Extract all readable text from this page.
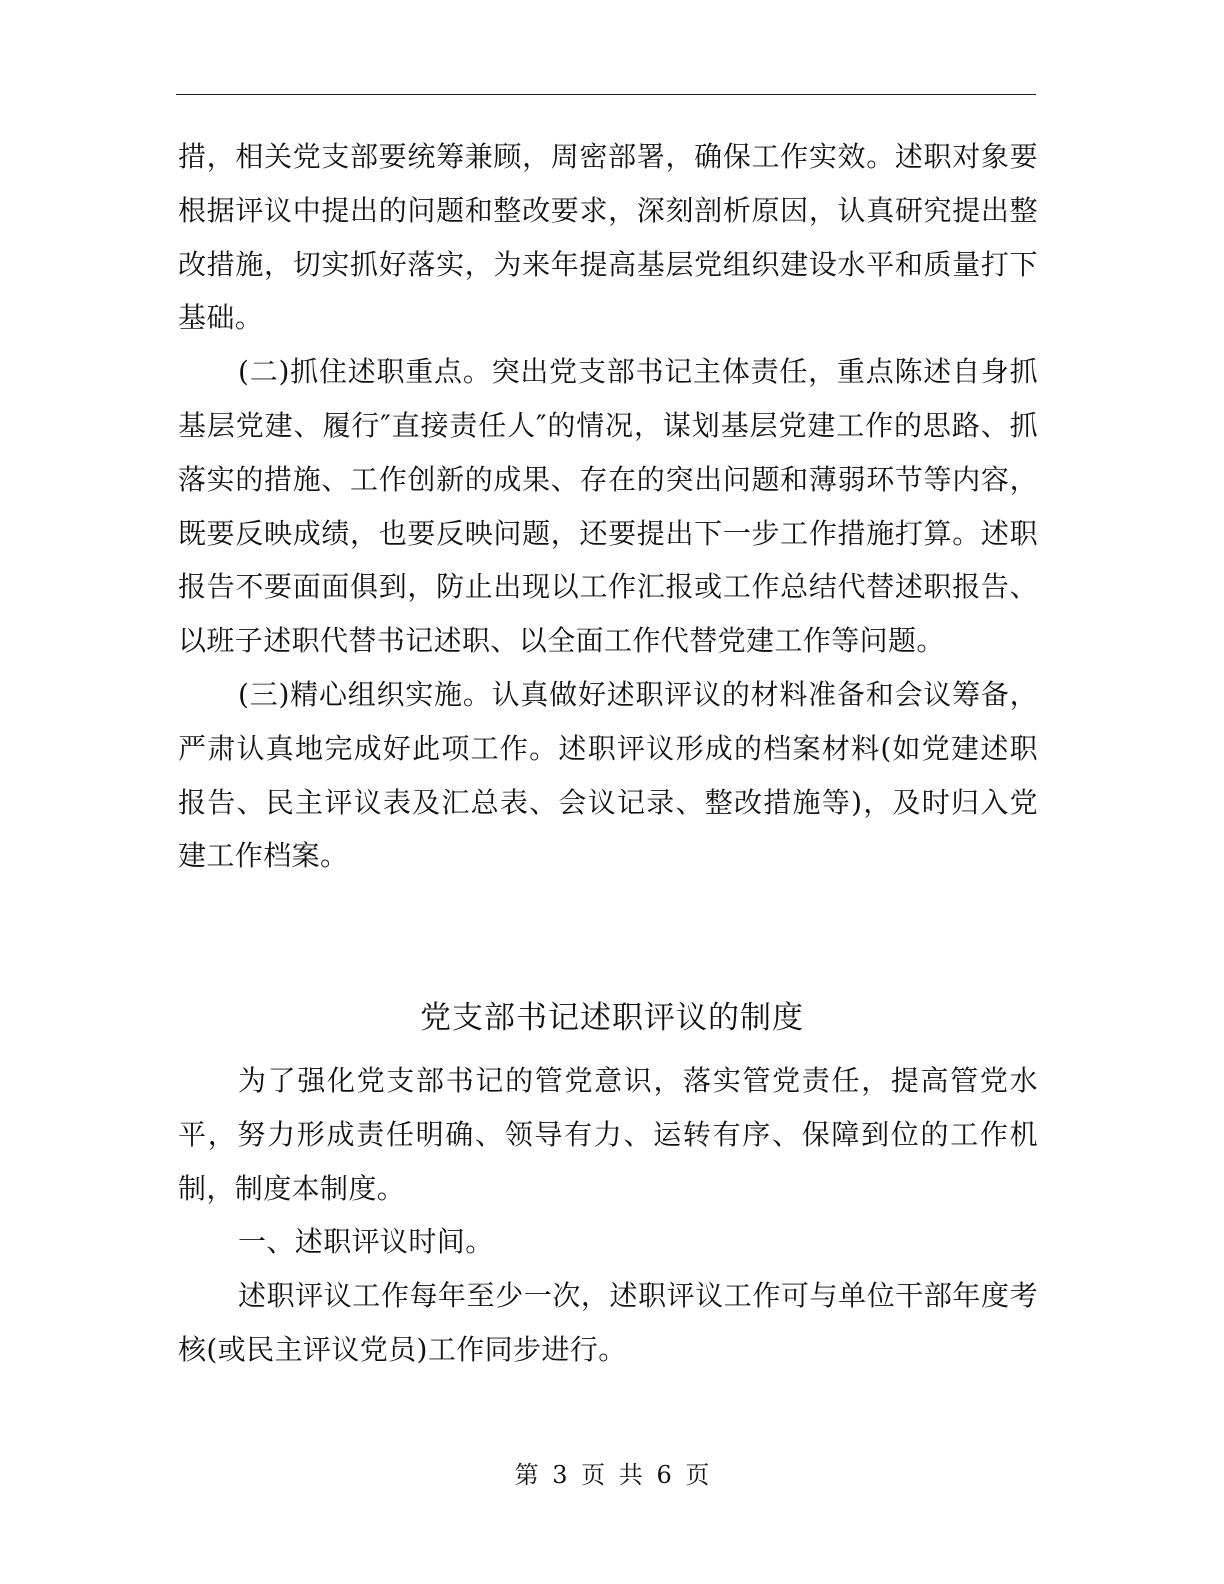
措，相关党支部要统筹兼顾，周密部署，确保工作实效。述职对象要根据评议中提出的问题和整改要求，深刻剖析原因，认真研究提出整改措施，切实抓好落实，为来年提高基层党组织建设水平和质量打下基础。

(二)抓住述职重点。突出党支部书记主体责任，重点陈述自身抓基层党建、履行″直接责任人″的情况，谋划基层党建工作的思路、抓落实的措施、工作创新的成果、存在的突出问题和薄弱环节等内容，既要反映成绩，也要反映问题，还要提出下一步工作措施打算。述职报告不要面面俱到，防止出现以工作汇报或工作总结代替述职报告、以班子述职代替书记述职、以全面工作代替党建工作等问题。

(三)精心组织实施。认真做好述职评议的材料准备和会议筹备，严肃认真地完成好此项工作。述职评议形成的档案材料(如党建述职报告、民主评议表及汇总表、会议记录、整改措施等)，及时归入党建工作档案。

党支部书记述职评议的制度

为了强化党支部书记的管党意识，落实管党责任，提高管党水平，努力形成责任明确、领导有力、运转有序、保障到位的工作机制，制度本制度。

一、述职评议时间。

述职评议工作每年至少一次，述职评议工作可与单位干部年度考核(或民主评议党员)工作同步进行。

第 3 页 共 6 页
